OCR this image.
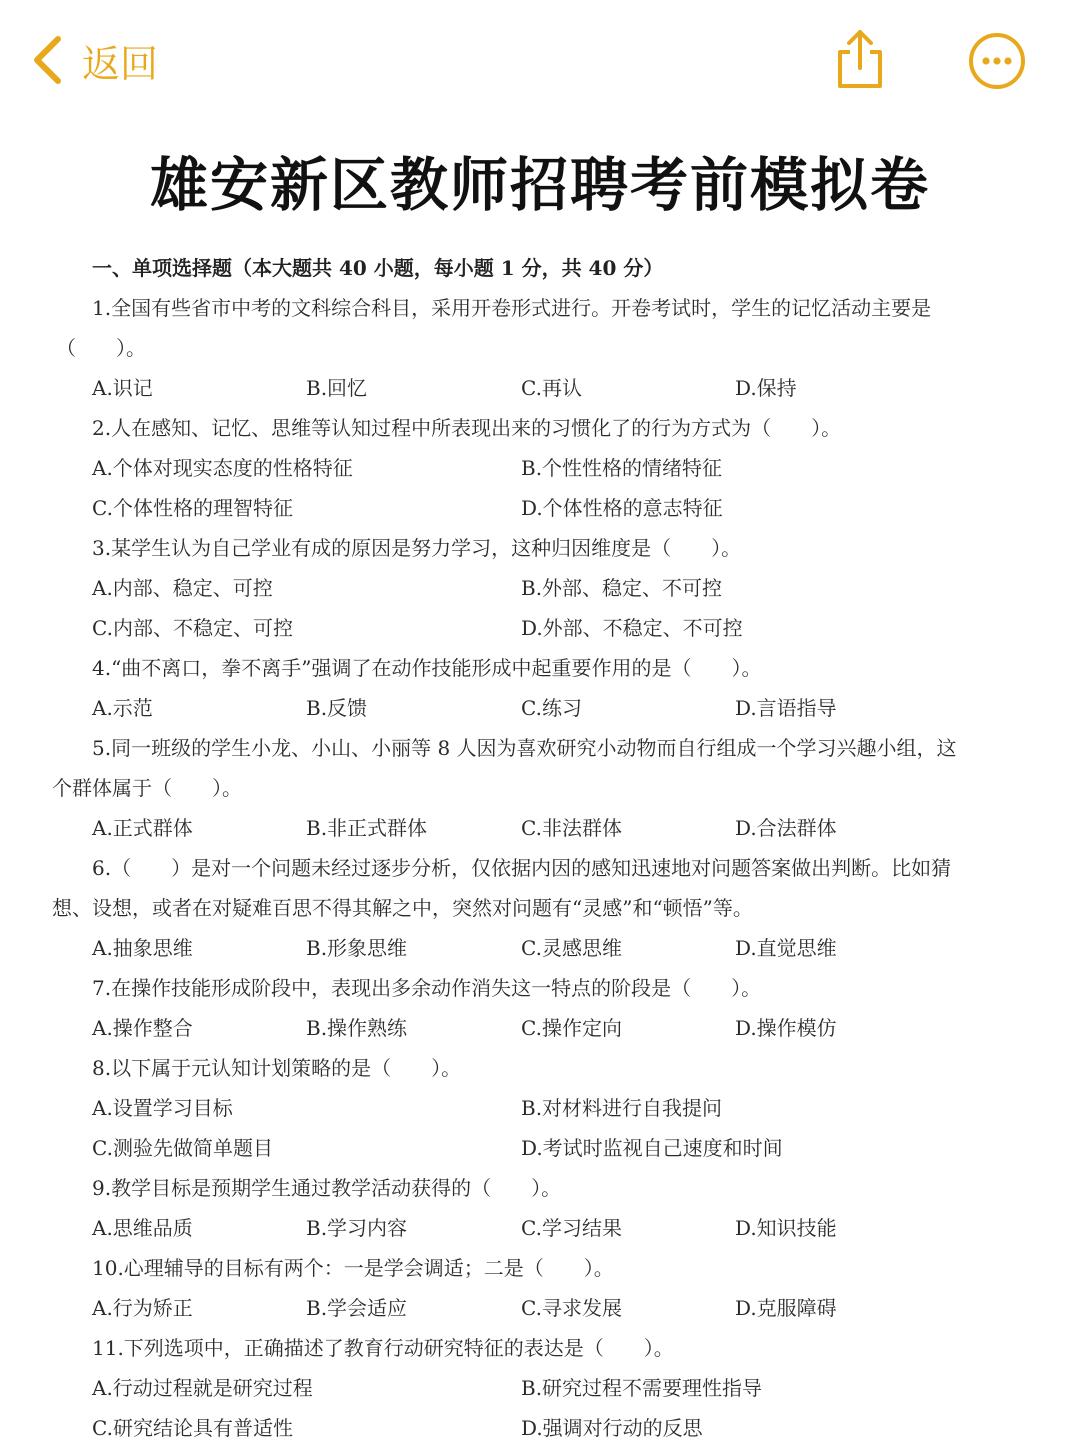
返回
雄安新区教师招聘考前模拟卷
一、单项选择题（本大题共 40 小题，每小题 1 分，共 40 分）
1.全国有些省市中考的文科综合科目，采用开卷形式进行。开卷考试时，学生的记忆活动主要是
（　　）。
A.识记	B.回忆	C.再认	D.保持
2.人在感知、记忆、思维等认知过程中所表现出来的习惯化了的行为方式为（　　）。
A.个体对现实态度的性格特征	B.个性性格的情绪特征
C.个体性格的理智特征	D.个体性格的意志特征
3.某学生认为自己学业有成的原因是努力学习，这种归因维度是（　　）。
A.内部、稳定、可控	B.外部、稳定、不可控
C.内部、不稳定、可控	D.外部、不稳定、不可控
4.“曲不离口，拳不离手”强调了在动作技能形成中起重要作用的是（　　）。
A.示范	B.反馈	C.练习	D.言语指导
5.同一班级的学生小龙、小山、小丽等 8 人因为喜欢研究小动物而自行组成一个学习兴趣小组，这
个群体属于（　　）。
A.正式群体	B.非正式群体	C.非法群体	D.合法群体
6.（　　）是对一个问题未经过逐步分析，仅依据内因的感知迅速地对问题答案做出判断。比如猜
想、设想，或者在对疑难百思不得其解之中，突然对问题有“灵感”和“顿悟”等。
A.抽象思维	B.形象思维	C.灵感思维	D.直觉思维
7.在操作技能形成阶段中，表现出多余动作消失这一特点的阶段是（　　）。
A.操作整合	B.操作熟练	C.操作定向	D.操作模仿
8.以下属于元认知计划策略的是（　　）。
A.设置学习目标	B.对材料进行自我提问
C.测验先做简单题目	D.考试时监视自己速度和时间
9.教学目标是预期学生通过教学活动获得的（　　）。
A.思维品质	B.学习内容	C.学习结果	D.知识技能
10.心理辅导的目标有两个：一是学会调适；二是（　　）。
A.行为矫正	B.学会适应	C.寻求发展	D.克服障碍
11.下列选项中，正确描述了教育行动研究特征的表达是（　　）。
A.行动过程就是研究过程	B.研究过程不需要理性指导
C.研究结论具有普适性	D.强调对行动的反思
